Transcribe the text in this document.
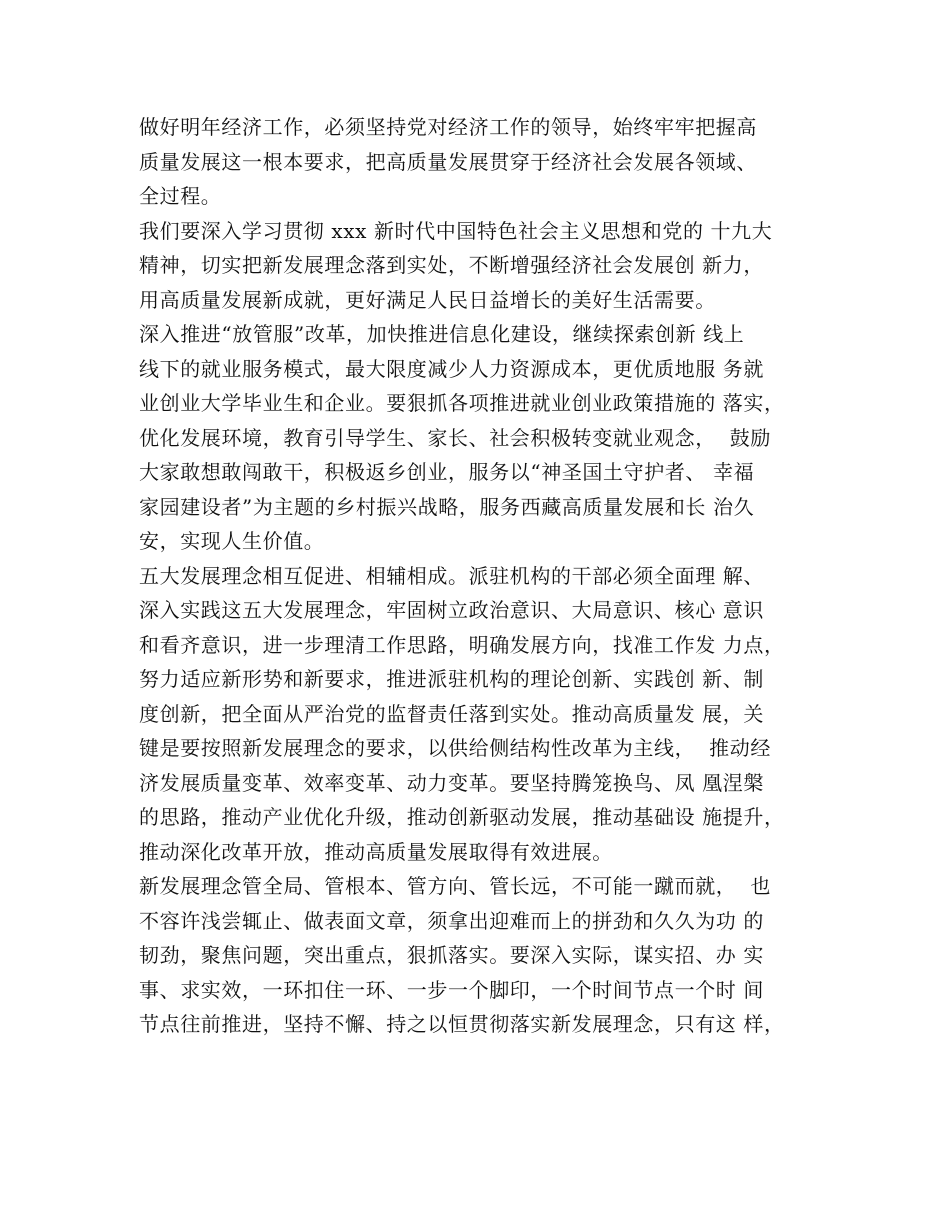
做好明年经济工作，必须坚持党对经济工作的领导，始终牢牢把握高
质量发展这一根本要求，把高质量发展贯穿于经济社会发展各领域、
全过程。
我们要深入学习贯彻 xxx 新时代中国特色社会主义思想和党的 十九大
精神，切实把新发展理念落到实处，不断增强经济社会发展创 新力，
用高质量发展新成就，更好满足人民日益增长的美好生活需要。
深入推进“放管服”改革，加快推进信息化建设，继续探索创新 线上
线下的就业服务模式，最大限度减少人力资源成本，更优质地服 务就
业创业大学毕业生和企业。要狠抓各项推进就业创业政策措施的 落实，
优化发展环境，教育引导学生、家长、社会积极转变就业观念，  鼓励
大家敢想敢闯敢干，积极返乡创业，服务以“神圣国土守护者、 幸福
家园建设者”为主题的乡村振兴战略，服务西藏高质量发展和长 治久
安，实现人生价值。
五大发展理念相互促进、相辅相成。派驻机构的干部必须全面理 解、
深入实践这五大发展理念，牢固树立政治意识、大局意识、核心 意识
和看齐意识，进一步理清工作思路，明确发展方向，找准工作发 力点，
努力适应新形势和新要求，推进派驻机构的理论创新、实践创 新、制
度创新，把全面从严治党的监督责任落到实处。推动高质量发 展，关
键是要按照新发展理念的要求，以供给侧结构性改革为主线，  推动经
济发展质量变革、效率变革、动力变革。要坚持腾笼换鸟、凤 凰涅槃
的思路，推动产业优化升级，推动创新驱动发展，推动基础设 施提升，
推动深化改革开放，推动高质量发展取得有效进展。
新发展理念管全局、管根本、管方向、管长远，不可能一蹴而就，  也
不容许浅尝辄止、做表面文章，须拿出迎难而上的拼劲和久久为功 的
韧劲，聚焦问题，突出重点，狠抓落实。要深入实际，谋实招、办 实
事、求实效，一环扣住一环、一步一个脚印，一个时间节点一个时 间
节点往前推进，坚持不懈、持之以恒贯彻落实新发展理念，只有这 样，
